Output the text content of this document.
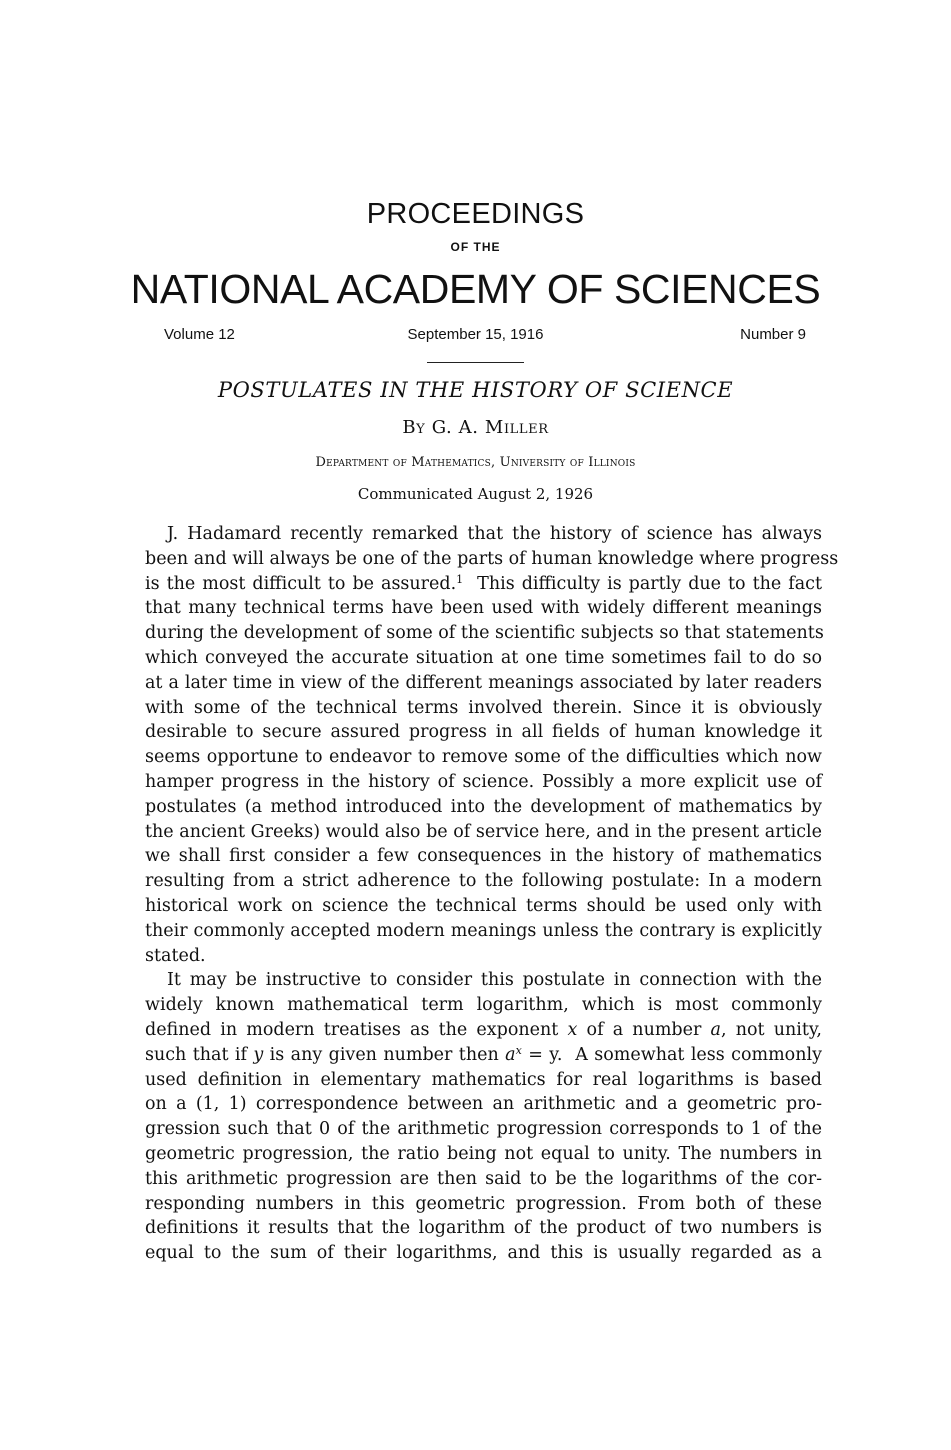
PROCEEDINGS
OF THE
NATIONAL ACADEMY OF SCIENCES
Volume 12	September 15, 1916	Number 9
POSTULATES IN THE HISTORY OF SCIENCE
By G. A. Miller
Department of Mathematics, University of Illinois
Communicated August 2, 1926
J. Hadamard recently remarked that the history of science has always
been and will always be one of the parts of human knowledge where progress
is the most difficult to be assured.$^1$ This difficulty is partly due to the fact
that many technical terms have been used with widely different meanings
during the development of some of the scientific subjects so that statements
which conveyed the accurate situation at one time sometimes fail to do so
at a later time in view of the different meanings associated by later readers
with some of the technical terms involved therein. Since it is obviously
desirable to secure assured progress in all fields of human knowledge it
seems opportune to endeavor to remove some of the difficulties which now
hamper progress in the history of science. Possibly a more explicit use of
postulates (a method introduced into the development of mathematics by
the ancient Greeks) would also be of service here, and in the present article
we shall first consider a few consequences in the history of mathematics
resulting from a strict adherence to the following postulate: In a modern
historical work on science the technical terms should be used only with
their commonly accepted modern meanings unless the contrary is explicitly
stated.
It may be instructive to consider this postulate in connection with the
widely known mathematical term logarithm, which is most commonly
defined in modern treatises as the exponent x of a number a, not unity,
such that if y is any given number then $a^x = y$. A somewhat less commonly
used definition in elementary mathematics for real logarithms is based
on a (1, 1) correspondence between an arithmetic and a geometric pro-
gression such that 0 of the arithmetic progression corresponds to 1 of the
geometric progression, the ratio being not equal to unity. The numbers in
this arithmetic progression are then said to be the logarithms of the cor-
responding numbers in this geometric progression. From both of these
definitions it results that the logarithm of the product of two numbers is
equal to the sum of their logarithms, and this is usually regarded as a
